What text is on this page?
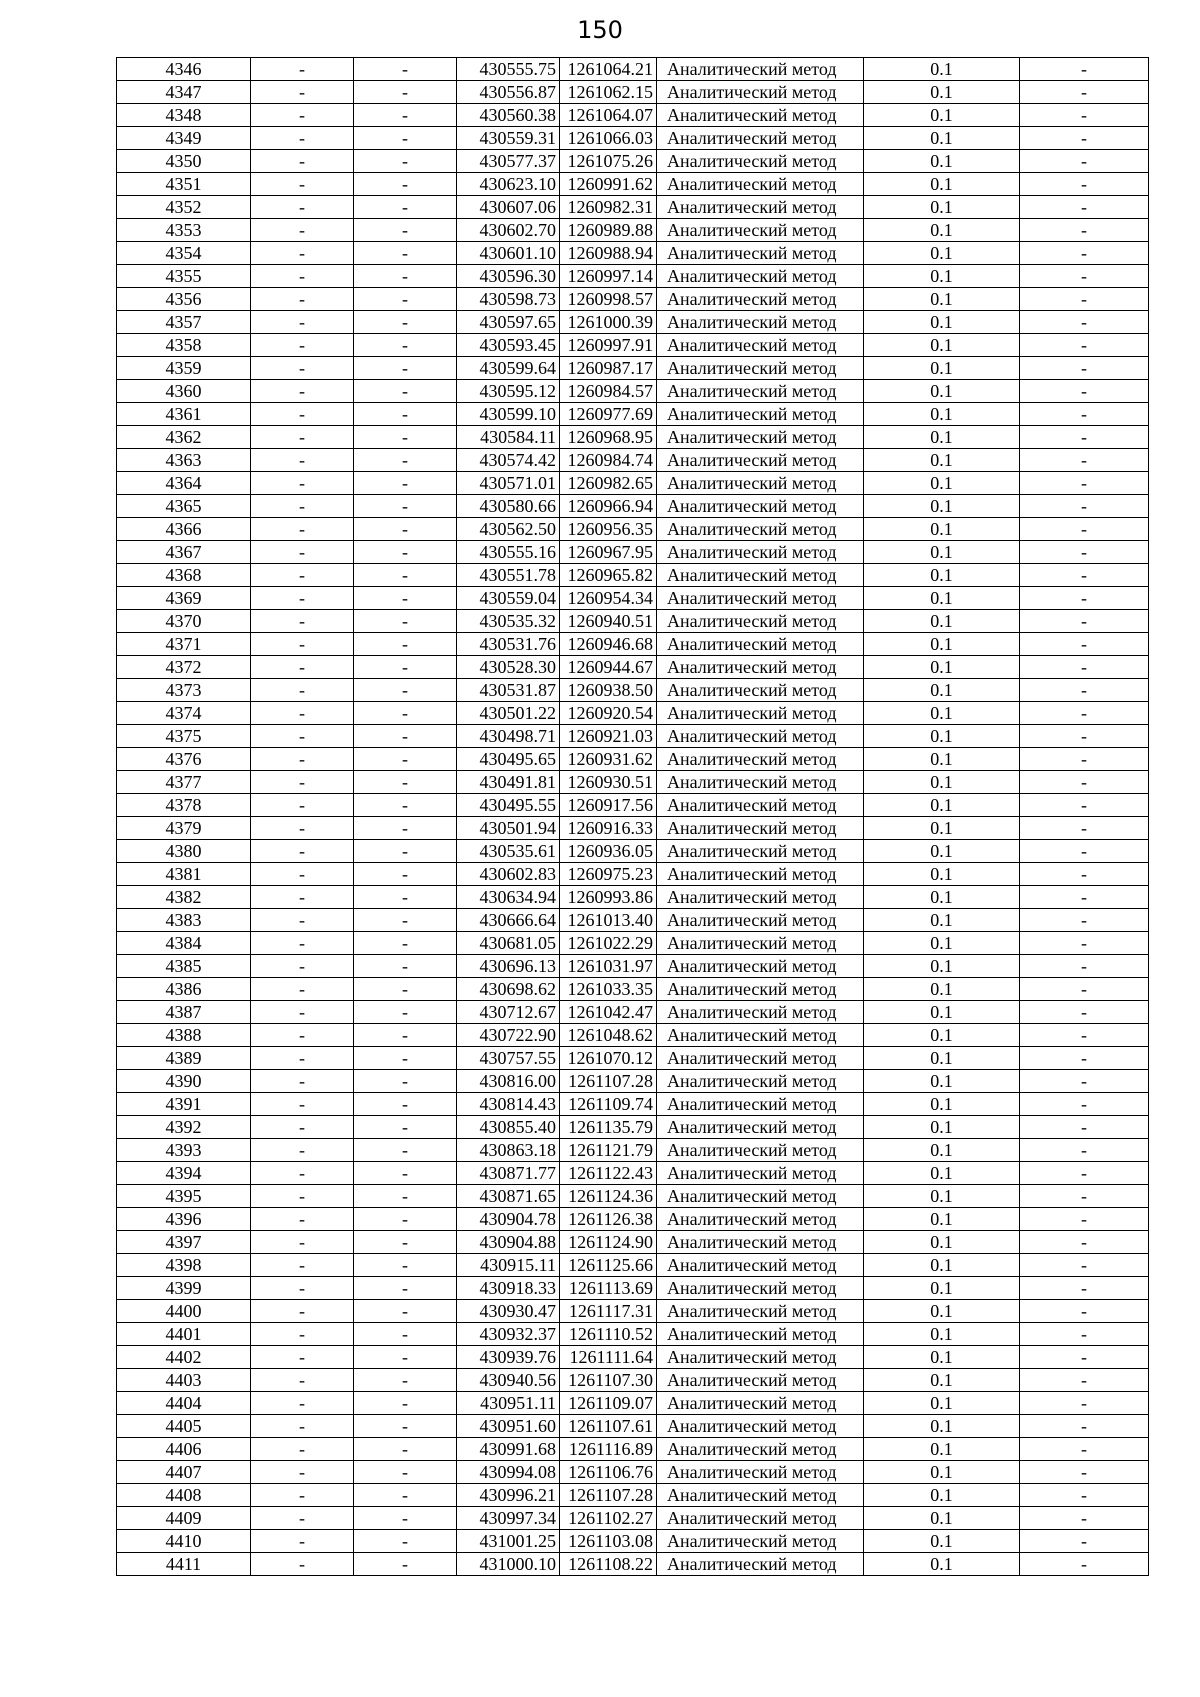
150
4346	-	-	430555.75	1261064.21	Аналитический метод	0.1	-
4347	-	-	430556.87	1261062.15	Аналитический метод	0.1	-
4348	-	-	430560.38	1261064.07	Аналитический метод	0.1	-
4349	-	-	430559.31	1261066.03	Аналитический метод	0.1	-
4350	-	-	430577.37	1261075.26	Аналитический метод	0.1	-
4351	-	-	430623.10	1260991.62	Аналитический метод	0.1	-
4352	-	-	430607.06	1260982.31	Аналитический метод	0.1	-
4353	-	-	430602.70	1260989.88	Аналитический метод	0.1	-
4354	-	-	430601.10	1260988.94	Аналитический метод	0.1	-
4355	-	-	430596.30	1260997.14	Аналитический метод	0.1	-
4356	-	-	430598.73	1260998.57	Аналитический метод	0.1	-
4357	-	-	430597.65	1261000.39	Аналитический метод	0.1	-
4358	-	-	430593.45	1260997.91	Аналитический метод	0.1	-
4359	-	-	430599.64	1260987.17	Аналитический метод	0.1	-
4360	-	-	430595.12	1260984.57	Аналитический метод	0.1	-
4361	-	-	430599.10	1260977.69	Аналитический метод	0.1	-
4362	-	-	430584.11	1260968.95	Аналитический метод	0.1	-
4363	-	-	430574.42	1260984.74	Аналитический метод	0.1	-
4364	-	-	430571.01	1260982.65	Аналитический метод	0.1	-
4365	-	-	430580.66	1260966.94	Аналитический метод	0.1	-
4366	-	-	430562.50	1260956.35	Аналитический метод	0.1	-
4367	-	-	430555.16	1260967.95	Аналитический метод	0.1	-
4368	-	-	430551.78	1260965.82	Аналитический метод	0.1	-
4369	-	-	430559.04	1260954.34	Аналитический метод	0.1	-
4370	-	-	430535.32	1260940.51	Аналитический метод	0.1	-
4371	-	-	430531.76	1260946.68	Аналитический метод	0.1	-
4372	-	-	430528.30	1260944.67	Аналитический метод	0.1	-
4373	-	-	430531.87	1260938.50	Аналитический метод	0.1	-
4374	-	-	430501.22	1260920.54	Аналитический метод	0.1	-
4375	-	-	430498.71	1260921.03	Аналитический метод	0.1	-
4376	-	-	430495.65	1260931.62	Аналитический метод	0.1	-
4377	-	-	430491.81	1260930.51	Аналитический метод	0.1	-
4378	-	-	430495.55	1260917.56	Аналитический метод	0.1	-
4379	-	-	430501.94	1260916.33	Аналитический метод	0.1	-
4380	-	-	430535.61	1260936.05	Аналитический метод	0.1	-
4381	-	-	430602.83	1260975.23	Аналитический метод	0.1	-
4382	-	-	430634.94	1260993.86	Аналитический метод	0.1	-
4383	-	-	430666.64	1261013.40	Аналитический метод	0.1	-
4384	-	-	430681.05	1261022.29	Аналитический метод	0.1	-
4385	-	-	430696.13	1261031.97	Аналитический метод	0.1	-
4386	-	-	430698.62	1261033.35	Аналитический метод	0.1	-
4387	-	-	430712.67	1261042.47	Аналитический метод	0.1	-
4388	-	-	430722.90	1261048.62	Аналитический метод	0.1	-
4389	-	-	430757.55	1261070.12	Аналитический метод	0.1	-
4390	-	-	430816.00	1261107.28	Аналитический метод	0.1	-
4391	-	-	430814.43	1261109.74	Аналитический метод	0.1	-
4392	-	-	430855.40	1261135.79	Аналитический метод	0.1	-
4393	-	-	430863.18	1261121.79	Аналитический метод	0.1	-
4394	-	-	430871.77	1261122.43	Аналитический метод	0.1	-
4395	-	-	430871.65	1261124.36	Аналитический метод	0.1	-
4396	-	-	430904.78	1261126.38	Аналитический метод	0.1	-
4397	-	-	430904.88	1261124.90	Аналитический метод	0.1	-
4398	-	-	430915.11	1261125.66	Аналитический метод	0.1	-
4399	-	-	430918.33	1261113.69	Аналитический метод	0.1	-
4400	-	-	430930.47	1261117.31	Аналитический метод	0.1	-
4401	-	-	430932.37	1261110.52	Аналитический метод	0.1	-
4402	-	-	430939.76	1261111.64	Аналитический метод	0.1	-
4403	-	-	430940.56	1261107.30	Аналитический метод	0.1	-
4404	-	-	430951.11	1261109.07	Аналитический метод	0.1	-
4405	-	-	430951.60	1261107.61	Аналитический метод	0.1	-
4406	-	-	430991.68	1261116.89	Аналитический метод	0.1	-
4407	-	-	430994.08	1261106.76	Аналитический метод	0.1	-
4408	-	-	430996.21	1261107.28	Аналитический метод	0.1	-
4409	-	-	430997.34	1261102.27	Аналитический метод	0.1	-
4410	-	-	431001.25	1261103.08	Аналитический метод	0.1	-
4411	-	-	431000.10	1261108.22	Аналитический метод	0.1	-
